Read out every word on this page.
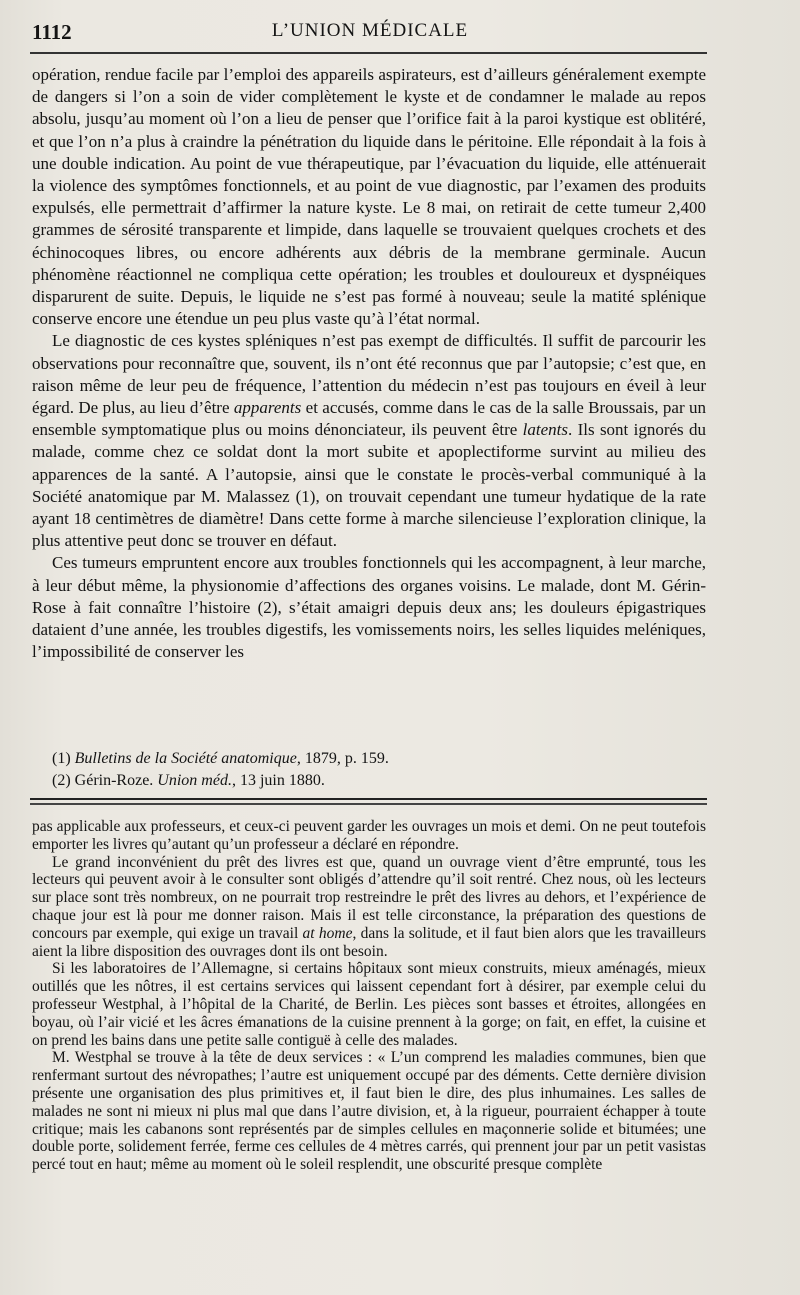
1112	L’UNION MÉDICALE

opération, rendue facile par l’emploi des appareils aspirateurs, est d’ailleurs généralement exempte de dangers si l’on a soin de vider complètement le kyste et de condamner le malade au repos absolu, jusqu’au moment où l’on a lieu de penser que l’orifice fait à la paroi kystique est oblitéré, et que l’on n’a plus à craindre la pénétration du liquide dans le péritoine. Elle répondait à la fois à une double indication. Au point de vue thérapeutique, par l’évacuation du liquide, elle atténuerait la violence des symptômes fonctionnels, et au point de vue diagnostic, par l’examen des produits expulsés, elle permettrait d’affirmer la nature kyste. Le 8 mai, on retirait de cette tumeur 2,400 grammes de sérosité transparente et limpide, dans laquelle se trouvaient quelques crochets et des échinocoques libres, ou encore adhérents aux débris de la membrane germinale. Aucun phénomène réactionnel ne compliqua cette opération; les troubles et douloureux et dyspnéiques disparurent de suite. Depuis, le liquide ne s’est pas formé à nouveau; seule la matité splénique conserve encore une étendue un peu plus vaste qu’à l’état normal.

Le diagnostic de ces kystes spléniques n’est pas exempt de difficultés. Il suffit de parcourir les observations pour reconnaître que, souvent, ils n’ont été reconnus que par l’autopsie; c’est que, en raison même de leur peu de fréquence, l’attention du médecin n’est pas toujours en éveil à leur égard. De plus, au lieu d’être apparents et accusés, comme dans le cas de la salle Broussais, par un ensemble symptomatique plus ou moins dénonciateur, ils peuvent être latents. Ils sont ignorés du malade, comme chez ce soldat dont la mort subite et apoplectiforme survint au milieu des apparences de la santé. A l’autopsie, ainsi que le constate le procès-verbal communiqué à la Société anatomique par M. Malassez (1), on trouvait cependant une tumeur hydatique de la rate ayant 18 centimètres de diamètre! Dans cette forme à marche silencieuse l’exploration clinique, la plus attentive peut donc se trouver en défaut.

Ces tumeurs empruntent encore aux troubles fonctionnels qui les accompagnent, à leur marche, à leur début même, la physionomie d’affections des organes voisins. Le malade, dont M. Gérin-Rose à fait connaître l’histoire (2), s’était amaigri depuis deux ans; les douleurs épigastriques dataient d’une année, les troubles digestifs, les vomissements noirs, les selles liquides meléniques, l’impossibilité de conserver les

(1) Bulletins de la Société anatomique, 1879, p. 159.
(2) Gérin-Roze. Union méd., 13 juin 1880.

pas applicable aux professeurs, et ceux-ci peuvent garder les ouvrages un mois et demi. On ne peut toutefois emporter les livres qu’autant qu’un professeur a déclaré en répondre.

Le grand inconvénient du prêt des livres est que, quand un ouvrage vient d’être emprunté, tous les lecteurs qui peuvent avoir à le consulter sont obligés d’attendre qu’il soit rentré. Chez nous, où les lecteurs sur place sont très nombreux, on ne pourrait trop restreindre le prêt des livres au dehors, et l’expérience de chaque jour est là pour me donner raison. Mais il est telle circonstance, la préparation des questions de concours par exemple, qui exige un travail at home, dans la solitude, et il faut bien alors que les travailleurs aient la libre disposition des ouvrages dont ils ont besoin.

Si les laboratoires de l’Allemagne, si certains hôpitaux sont mieux construits, mieux aménagés, mieux outillés que les nôtres, il est certains services qui laissent cependant fort à désirer, par exemple celui du professeur Westphal, à l’hôpital de la Charité, de Berlin. Les pièces sont basses et étroites, allongées en boyau, où l’air vicié et les âcres émanations de la cuisine prennent à la gorge; on fait, en effet, la cuisine et on prend les bains dans une petite salle contiguë à celle des malades.

M. Westphal se trouve à la tête de deux services : « L’un comprend les maladies communes, bien que renfermant surtout des névropathes; l’autre est uniquement occupé par des déments. Cette dernière division présente une organisation des plus primitives et, il faut bien le dire, des plus inhumaines. Les salles de malades ne sont ni mieux ni plus mal que dans l’autre division, et, à la rigueur, pourraient échapper à toute critique; mais les cabanons sont représentés par de simples cellules en maçonnerie solide et bitumées; une double porte, solidement ferrée, ferme ces cellules de 4 mètres carrés, qui prennent jour par un petit vasistas percé tout en haut; même au moment où le soleil resplendit, une obscurité presque complète
